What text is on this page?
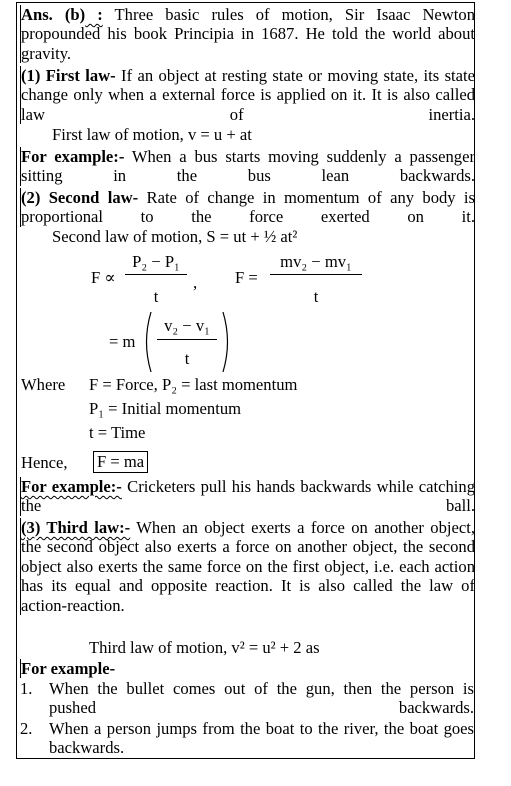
Ans. (b) : Three basic rules of motion, Sir Isaac Newton propounded his book Principia in 1687. He told the world about gravity.
(1) First law- If an object at resting state or moving state, its state change only when a external force is applied on it. It is also called law of inertia.
First law of motion, v = u + at
For example:- When a bus starts moving suddenly a passenger sitting in the bus lean backwards.
(2) Second law- Rate of change in momentum of any body is proportional to the force exerted on it.
Second law of motion, S = ut + ½ at²
F ∝
P₂ − P₁
t
, F =
mv₂ − mv₁
t
= m
v₂ − v₁
t
Where F = Force, P₂ = last momentum
P₁ = Initial momentum
t = Time
Hence, F = ma
For example:- Cricketers pull his hands backwards while catching the ball.
(3) Third law:- When an object exerts a force on another object, the second object also exerts a force on another object, the second object also exerts the same force on the first object, i.e. each action has its equal and opposite reaction. It is also called the law of action-reaction.
Third law of motion, v² = u² + 2 as
For example-
1. When the bullet comes out of the gun, then the person is pushed backwards.
2. When a person jumps from the boat to the river, the boat goes backwards.
